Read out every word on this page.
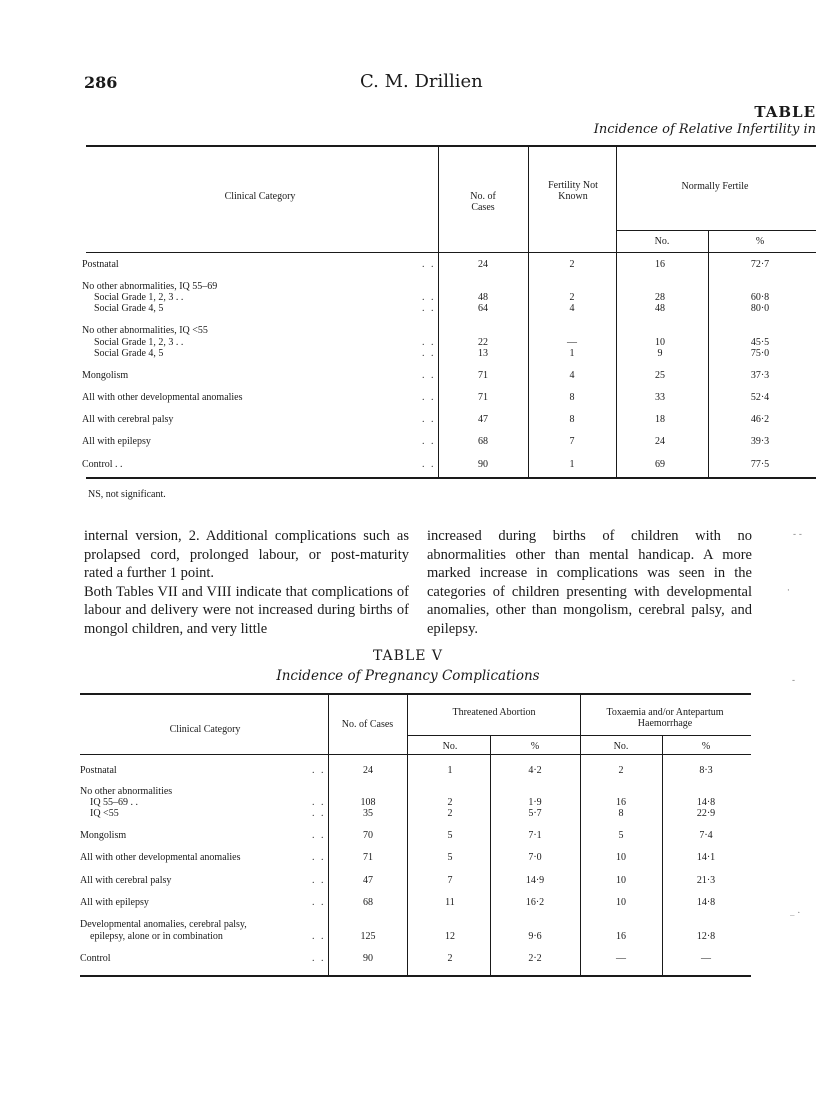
286	C. M. Drillien
TABLE
Incidence of Relative Infertility in
Clinical Category	No. of Cases
Fertility Not Known
Normally Fertile
No.	%
Postnatal	. .	24	2	16	72·7
No other abnormalities, IQ 55–69
Social Grade 1, 2, 3 . .	. .	48	2	28	60·8
Social Grade 4, 5	. .	64	4	48	80·0
No other abnormalities, IQ <55
Social Grade 1, 2, 3 . .	. .	22	—	10	45·5
Social Grade 4, 5	. .	13	1	9	75·0
Mongolism	. .	71	4	25	37·3
All with other developmental anomalies	. .	71	8	33	52·4
All with cerebral palsy	. .	47	8	18	46·2
All with epilepsy	. .	68	7	24	39·3
Control . .	. .	90	1	69	77·5
NS, not significant.
internal version, 2. Additional complications such as prolapsed cord, prolonged labour, or post-maturity rated a further 1 point.
Both Tables VII and VIII indicate that complications of labour and delivery were not increased during births of mongol children, and very little
increased during births of children with no abnormalities other than mental handicap. A more marked increase in complications was seen in the categories of children presenting with developmental anomalies, other than mongolism, cerebral palsy, and epilepsy.
TABLE V
Incidence of Pregnancy Complications
Clinical Category	No. of Cases
Threatened Abortion	Toxaemia and/or Antepartum Haemorrhage
No.	%	No.	%
Postnatal	. .	24	1	4·2	2	8·3
No other abnormalities
IQ 55–69 . .	. .	108	2	1·9	16	14·8
IQ <55	. .	35	2	5·7	8	22·9
Mongolism	. .	70	5	7·1	5	7·4
All with other developmental anomalies	. .	71	5	7·0	10	14·1
All with cerebral palsy	. .	47	7	14·9	10	21·3
All with epilepsy	. .	68	11	16·2	10	14·8
Developmental anomalies, cerebral palsy,
epilepsy, alone or in combination	. .	125	12	9·6	16	12·8
Control	. .	90	2	2·2	—	—
- -
·
-
_ .
